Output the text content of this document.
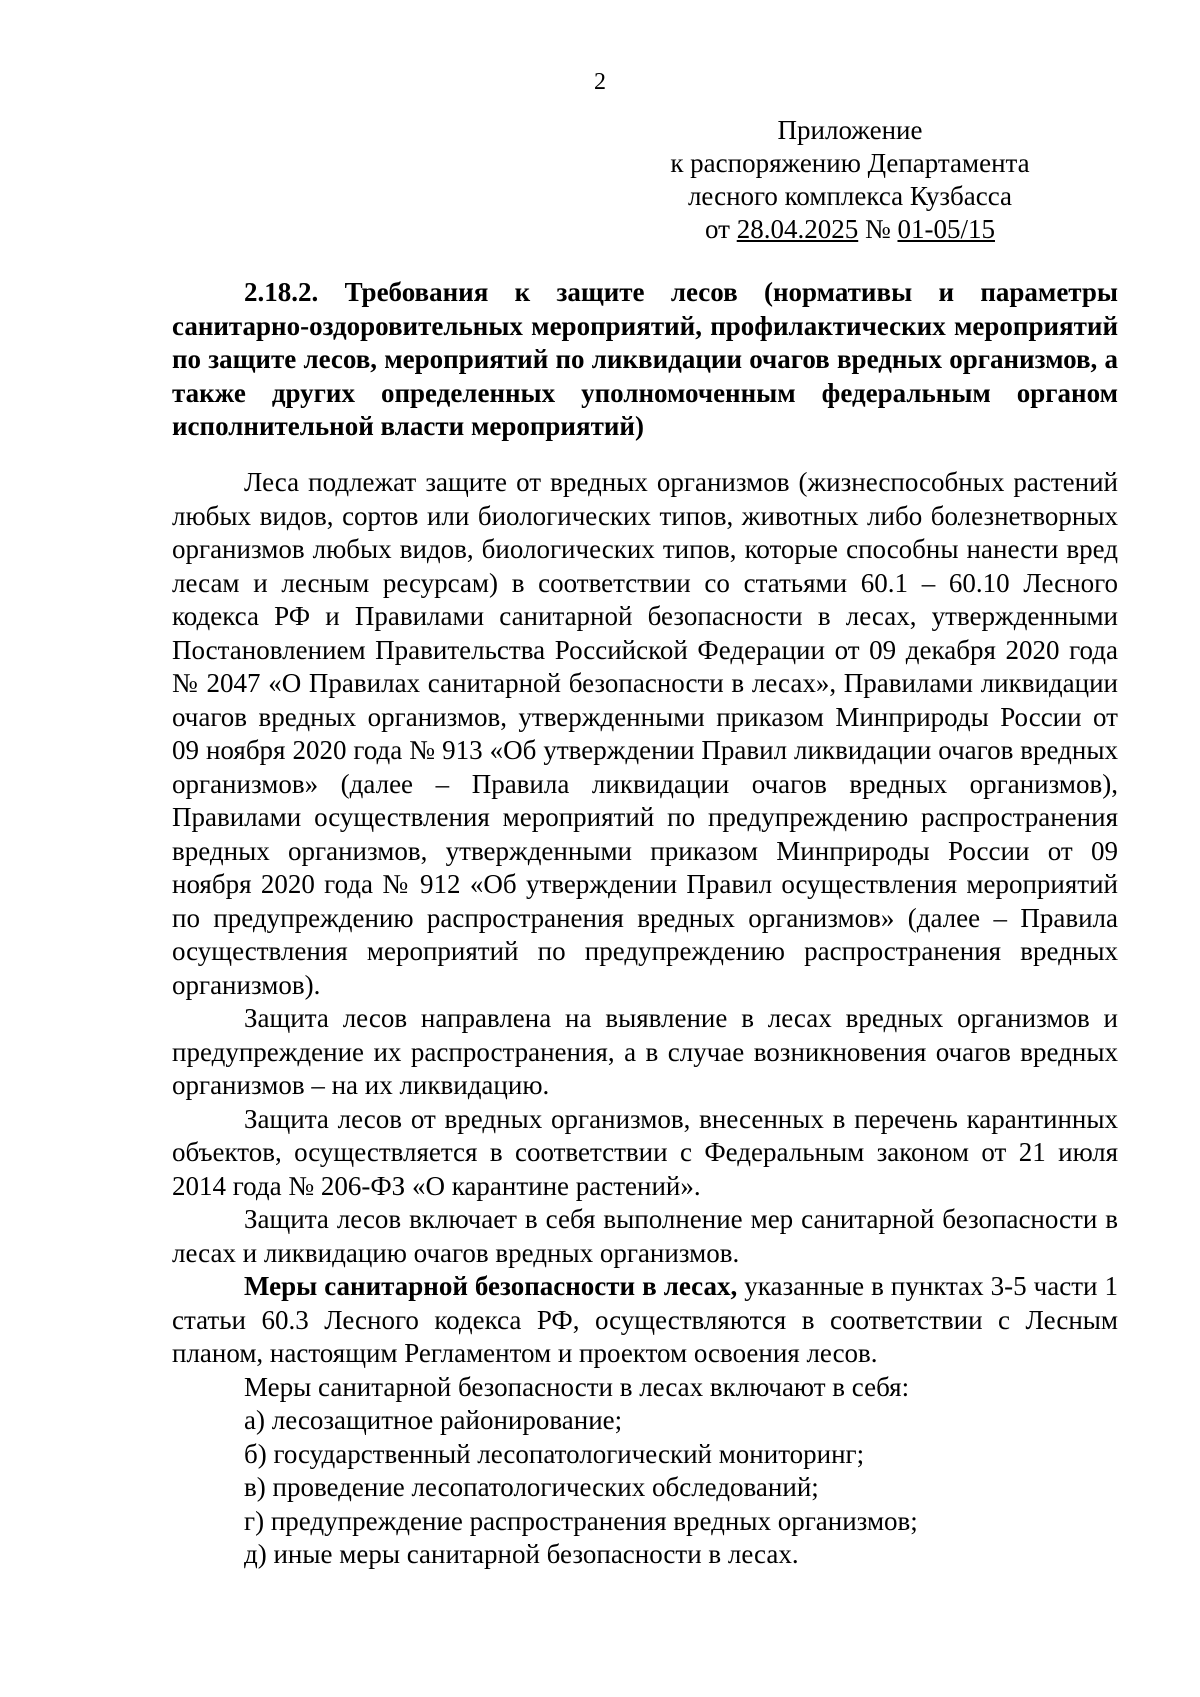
2
Приложение
к распоряжению Департамента
лесного комплекса Кузбасса
от 28.04.2025 № 01-05/15

2.18.2. Требования к защите лесов (нормативы и параметры санитарно-оздоровительных мероприятий, профилактических мероприятий по защите лесов, мероприятий по ликвидации очагов вредных организмов, а также других определенных уполномоченным федеральным органом исполнительной власти мероприятий)

Леса подлежат защите от вредных организмов (жизнеспособных растений любых видов, сортов или биологических типов, животных либо болезнетворных организмов любых видов, биологических типов, которые способны нанести вред лесам и лесным ресурсам) в соответствии со статьями 60.1 – 60.10 Лесного кодекса РФ и Правилами санитарной безопасности в лесах, утвержденными Постановлением Правительства Российской Федерации от 09 декабря 2020 года № 2047 «О Правилах санитарной безопасности в лесах», Правилами ликвидации очагов вредных организмов, утвержденными приказом Минприроды России от 09 ноября 2020 года № 913 «Об утверждении Правил ликвидации очагов вредных организмов» (далее – Правила ликвидации очагов вредных организмов), Правилами осуществления мероприятий по предупреждению распространения вредных организмов, утвержденными приказом Минприроды России от 09 ноября 2020 года № 912 «Об утверждении Правил осуществления мероприятий по предупреждению распространения вредных организмов» (далее – Правила осуществления мероприятий по предупреждению распространения вредных организмов).

Защита лесов направлена на выявление в лесах вредных организмов и предупреждение их распространения, а в случае возникновения очагов вредных организмов – на их ликвидацию.

Защита лесов от вредных организмов, внесенных в перечень карантинных объектов, осуществляется в соответствии с Федеральным законом от 21 июля 2014 года № 206-ФЗ «О карантине растений».

Защита лесов включает в себя выполнение мер санитарной безопасности в лесах и ликвидацию очагов вредных организмов.

Меры санитарной безопасности в лесах, указанные в пунктах 3-5 части 1 статьи 60.3 Лесного кодекса РФ, осуществляются в соответствии с Лесным планом, настоящим Регламентом и проектом освоения лесов.

Меры санитарной безопасности в лесах включают в себя:

а) лесозащитное районирование;

б) государственный лесопатологический мониторинг;

в) проведение лесопатологических обследований;

г) предупреждение распространения вредных организмов;

д) иные меры санитарной безопасности в лесах.
